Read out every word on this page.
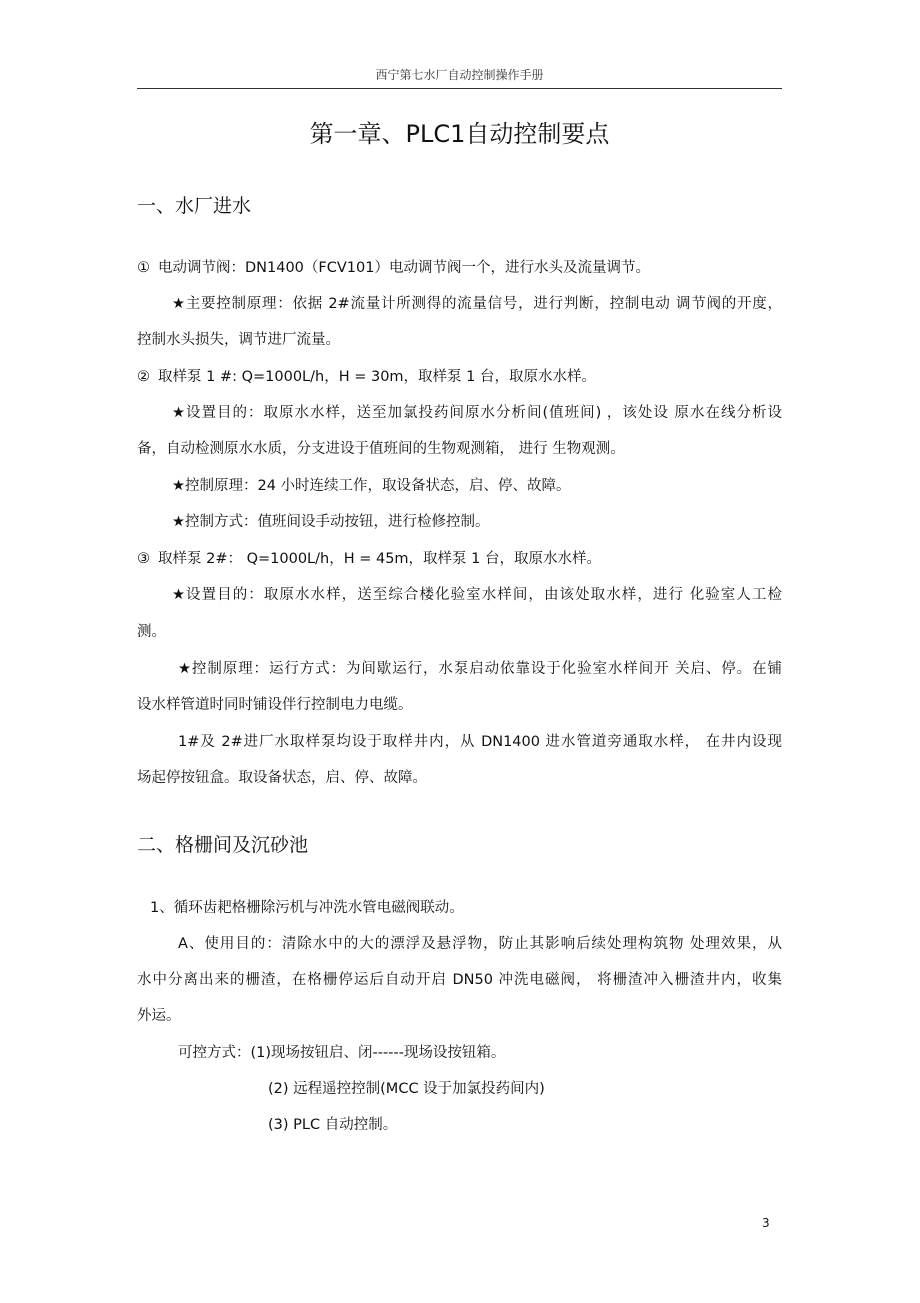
西宁第七水厂自动控制操作手册
第一章、PLC1自动控制要点
一、水厂进水
① 电动调节阀：DN1400（FCV101）电动调节阀一个，进行水头及流量调节。
★主要控制原理：依据 2#流量计所测得的流量信号，进行判断，控制电动 调节阀的开度，
控制水头损失，调节进厂流量。
② 取样泵 1 #: Q=1000L/h，H = 30m，取样泵 1 台，取原水水样。
★设置目的：取原水水样，送至加氯投药间原水分析间(值班间) ，该处设 原水在线分析设
备，自动检测原水水质，分支进设于值班间的生物观测箱， 进行 生物观测。
★控制原理：24 小时连续工作，取设备状态，启、停、故障。
★控制方式：值班间设手动按钮，进行检修控制。
③ 取样泵 2#： Q=1000L/h，H = 45m，取样泵 1 台，取原水水样。
★设置目的：取原水水样，送至综合楼化验室水样间，由该处取水样，进行 化验室人工检
测。
★控制原理：运行方式：为间歇运行，水泵启动依靠设于化验室水样间开 关启、停。在铺
设水样管道时同时铺设伴行控制电力电缆。
1#及 2#进厂水取样泵均设于取样井内，从 DN1400 进水管道旁通取水样， 在井内设现
场起停按钮盒。取设备状态，启、停、故障。
二、格栅间及沉砂池
1、循环齿耙格栅除污机与冲洗水管电磁阀联动。
A、使用目的：清除水中的大的漂浮及悬浮物，防止其影响后续处理构筑物 处理效果，从
水中分离出来的栅渣，在格栅停运后自动开启 DN50 冲洗电磁阀， 将栅渣冲入栅渣井内，收集
外运。
可控方式：(1)现场按钮启、闭------现场设按钮箱。
(2) 远程遥控控制(MCC 设于加氯投药间内)
(3) PLC 自动控制。
3
